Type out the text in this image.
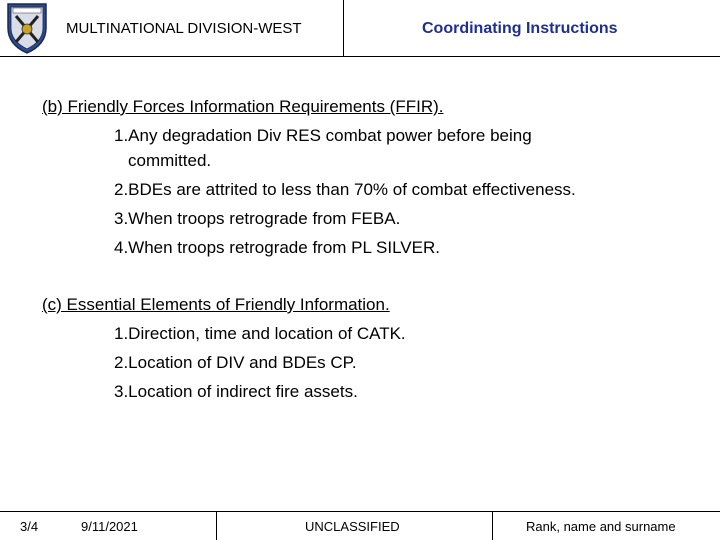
MULTINATIONAL DIVISION-WEST	Coordinating Instructions
(b) Friendly Forces Information Requirements (FFIR).
1.Any degradation Div RES combat power before being
committed.
2.BDEs are attrited to less than 70% of combat effectiveness.
3.When troops retrograde from FEBA.
4.When troops retrograde from PL SILVER.
(c) Essential Elements of Friendly Information.
1.Direction, time and location of CATK.
2.Location of DIV and BDEs CP.
3.Location of indirect fire assets.
3/4	9/11/2021	UNCLASSIFIED	Rank, name and surname
